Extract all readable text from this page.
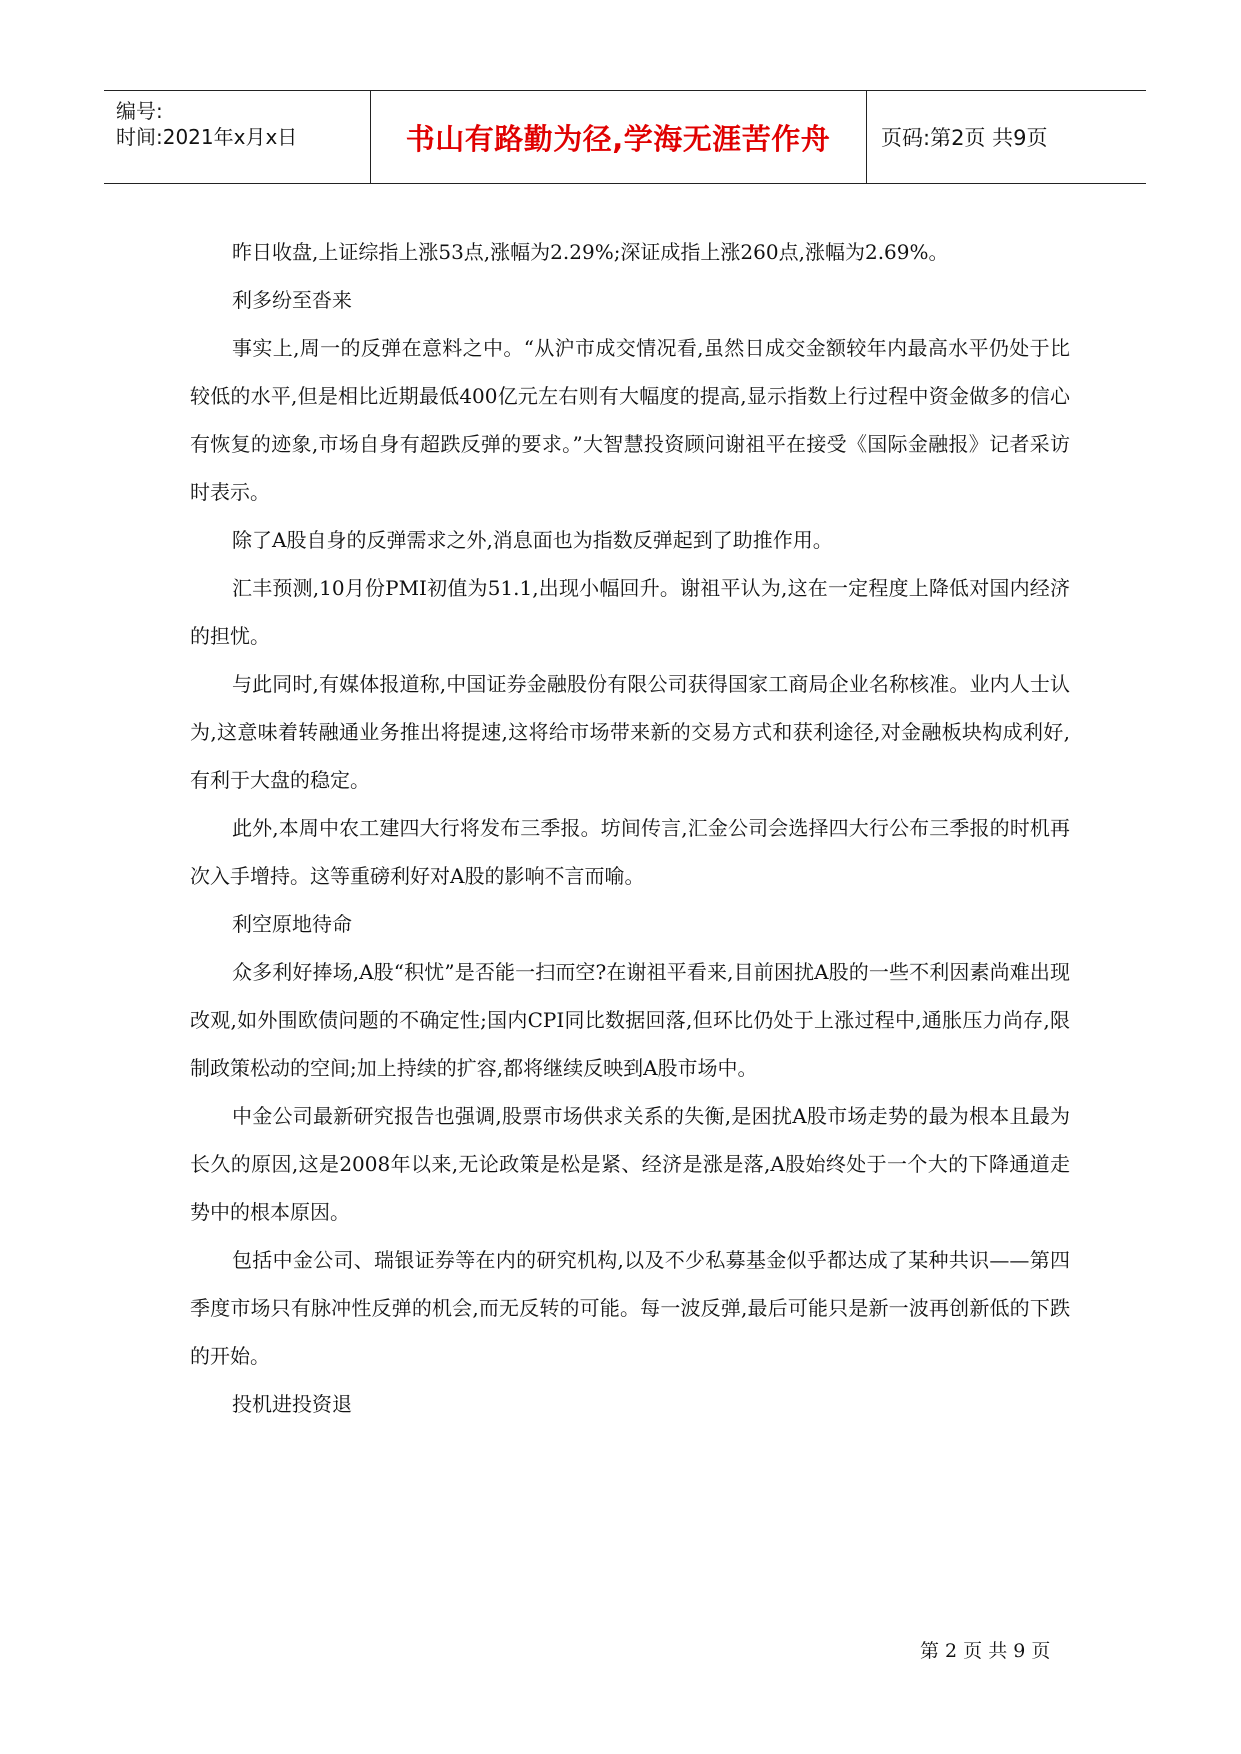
编号:
时间:2021年x月x日	书山有路勤为径,学海无涯苦作舟	页码:第2页 共9页

昨日收盘,上证综指上涨53点,涨幅为2.29%;深证成指上涨260点,涨幅为2.69%。

利多纷至沓来

事实上,周一的反弹在意料之中。“从沪市成交情况看,虽然日成交金额较年内最高水平仍处于比较低的水平,但是相比近期最低400亿元左右则有大幅度的提高,显示指数上行过程中资金做多的信心有恢复的迹象,市场自身有超跌反弹的要求。”大智慧投资顾问谢祖平在接受《国际金融报》记者采访时表示。

除了A股自身的反弹需求之外,消息面也为指数反弹起到了助推作用。

汇丰预测,10月份PMI初值为51.1,出现小幅回升。谢祖平认为,这在一定程度上降低对国内经济的担忧。

与此同时,有媒体报道称,中国证券金融股份有限公司获得国家工商局企业名称核准。业内人士认为,这意味着转融通业务推出将提速,这将给市场带来新的交易方式和获利途径,对金融板块构成利好,有利于大盘的稳定。

此外,本周中农工建四大行将发布三季报。坊间传言,汇金公司会选择四大行公布三季报的时机再次入手增持。这等重磅利好对A股的影响不言而喻。

利空原地待命

众多利好捧场,A股“积忧”是否能一扫而空?在谢祖平看来,目前困扰A股的一些不利因素尚难出现改观,如外围欧债问题的不确定性;国内CPI同比数据回落,但环比仍处于上涨过程中,通胀压力尚存,限制政策松动的空间;加上持续的扩容,都将继续反映到A股市场中。

中金公司最新研究报告也强调,股票市场供求关系的失衡,是困扰A股市场走势的最为根本且最为长久的原因,这是2008年以来,无论政策是松是紧、经济是涨是落,A股始终处于一个大的下降通道走势中的根本原因。

包括中金公司、瑞银证券等在内的研究机构,以及不少私募基金似乎都达成了某种共识——第四季度市场只有脉冲性反弹的机会,而无反转的可能。每一波反弹,最后可能只是新一波再创新低的下跌的开始。

投机进投资退

第 2 页 共 9 页
